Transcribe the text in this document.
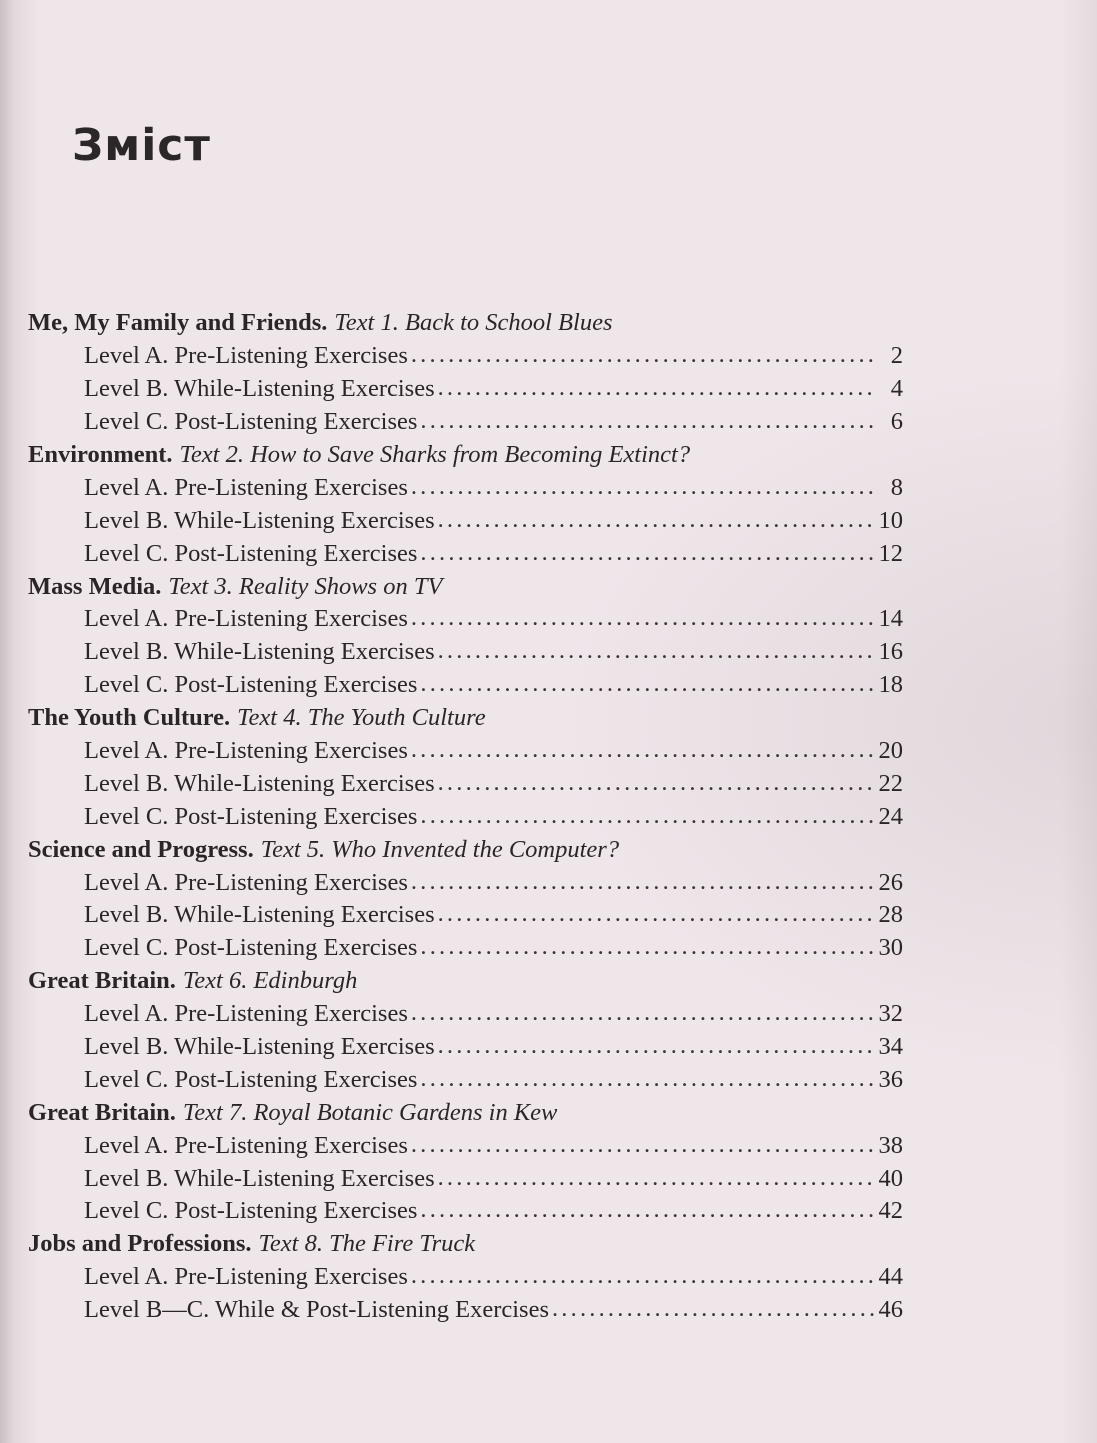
Зміст
Me, My Family and Friends. Text 1. Back to School Blues
Level A. Pre-Listening Exercises .....	2
Level B. While-Listening Exercises .....	4
Level C. Post-Listening Exercises .....	6
Environment. Text 2. How to Save Sharks from Becoming Extinct?
Level A. Pre-Listening Exercises .....	8
Level B. While-Listening Exercises .....	10
Level C. Post-Listening Exercises .....	12
Mass Media. Text 3. Reality Shows on TV
Level A. Pre-Listening Exercises .....	14
Level B. While-Listening Exercises .....	16
Level C. Post-Listening Exercises .....	18
The Youth Culture. Text 4. The Youth Culture
Level A. Pre-Listening Exercises .....	20
Level B. While-Listening Exercises .....	22
Level C. Post-Listening Exercises .....	24
Science and Progress. Text 5. Who Invented the Computer?
Level A. Pre-Listening Exercises .....	26
Level B. While-Listening Exercises .....	28
Level C. Post-Listening Exercises .....	30
Great Britain. Text 6. Edinburgh
Level A. Pre-Listening Exercises .....	32
Level B. While-Listening Exercises .....	34
Level C. Post-Listening Exercises .....	36
Great Britain. Text 7. Royal Botanic Gardens in Kew
Level A. Pre-Listening Exercises .....	38
Level B. While-Listening Exercises .....	40
Level C. Post-Listening Exercises .....	42
Jobs and Professions. Text 8. The Fire Truck
Level A. Pre-Listening Exercises .....	44
Level B—C. While & Post-Listening Exercises .....	46
